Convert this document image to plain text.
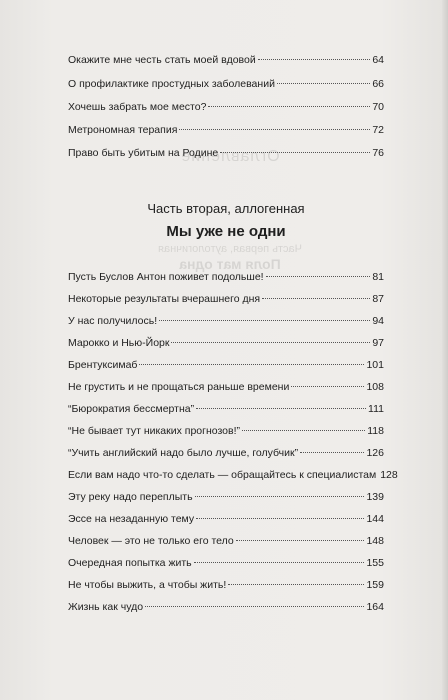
Оглавление
Часть первая, аутологичная
Поля мат одна
Окажите мне честь стать моей вдовой	64
О профилактике простудных заболеваний	66
Хочешь забрать мое место?	70
Метрономная терапия	72
Право быть убитым на Родине	76
Часть вторая, аллогенная
Мы уже не одни
Пусть Буслов Антон поживет подольше!	81
Некоторые результаты вчерашнего дня	87
У нас получилось!	94
Марокко и Нью-Йорк	97
Брентуксимаб	101
Не грустить и не прощаться раньше времени	108
“Бюрократия бессмертна”	111
“Не бывает тут никаких прогнозов!”	118
“Учить английский надо было лучше, голубчик”	126
Если вам надо что-то сделать — обращайтесь к специалистам 128
Эту реку надо переплыть	139
Эссе на незаданную тему	144
Человек — это не только его тело	148
Очередная попытка жить	155
Не чтобы выжить, а чтобы жить!	159
Жизнь как чудо	164
